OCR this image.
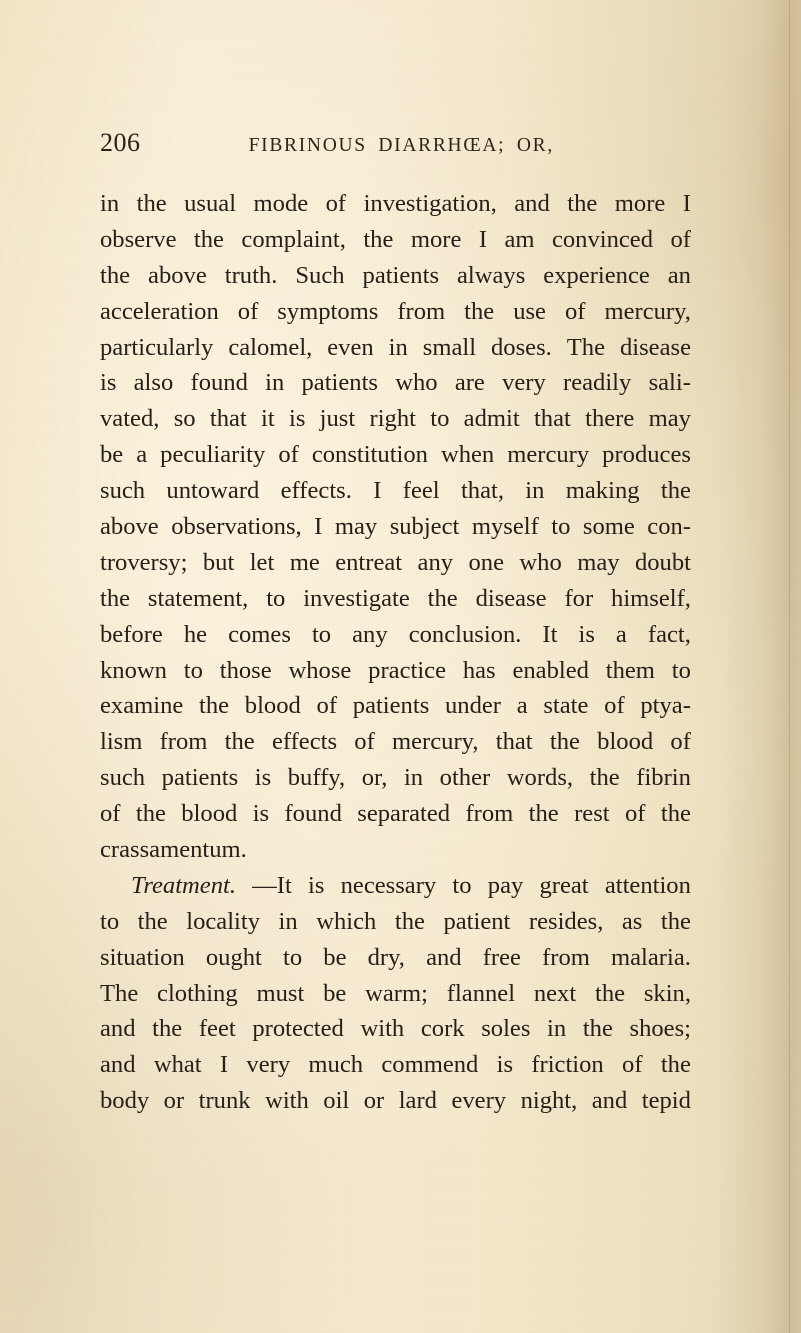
206	FIBRINOUS DIARRHŒA; OR,
in the usual mode of investigation, and the more I
observe the complaint, the more I am convinced of
the above truth. Such patients always experience an
acceleration of symptoms from the use of mercury,
particularly calomel, even in small doses. The disease
is also found in patients who are very readily sali-
vated, so that it is just right to admit that there may
be a peculiarity of constitution when mercury produces
such untoward effects. I feel that, in making the
above observations, I may subject myself to some con-
troversy; but let me entreat any one who may doubt
the statement, to investigate the disease for himself,
before he comes to any conclusion. It is a fact,
known to those whose practice has enabled them to
examine the blood of patients under a state of ptya-
lism from the effects of mercury, that the blood of
such patients is buffy, or, in other words, the fibrin
of the blood is found separated from the rest of the
crassamentum.
Treatment. —It is necessary to pay great attention
to the locality in which the patient resides, as the
situation ought to be dry, and free from malaria.
The clothing must be warm; flannel next the skin,
and the feet protected with cork soles in the shoes;
and what I very much commend is friction of the
body or trunk with oil or lard every night, and tepid
